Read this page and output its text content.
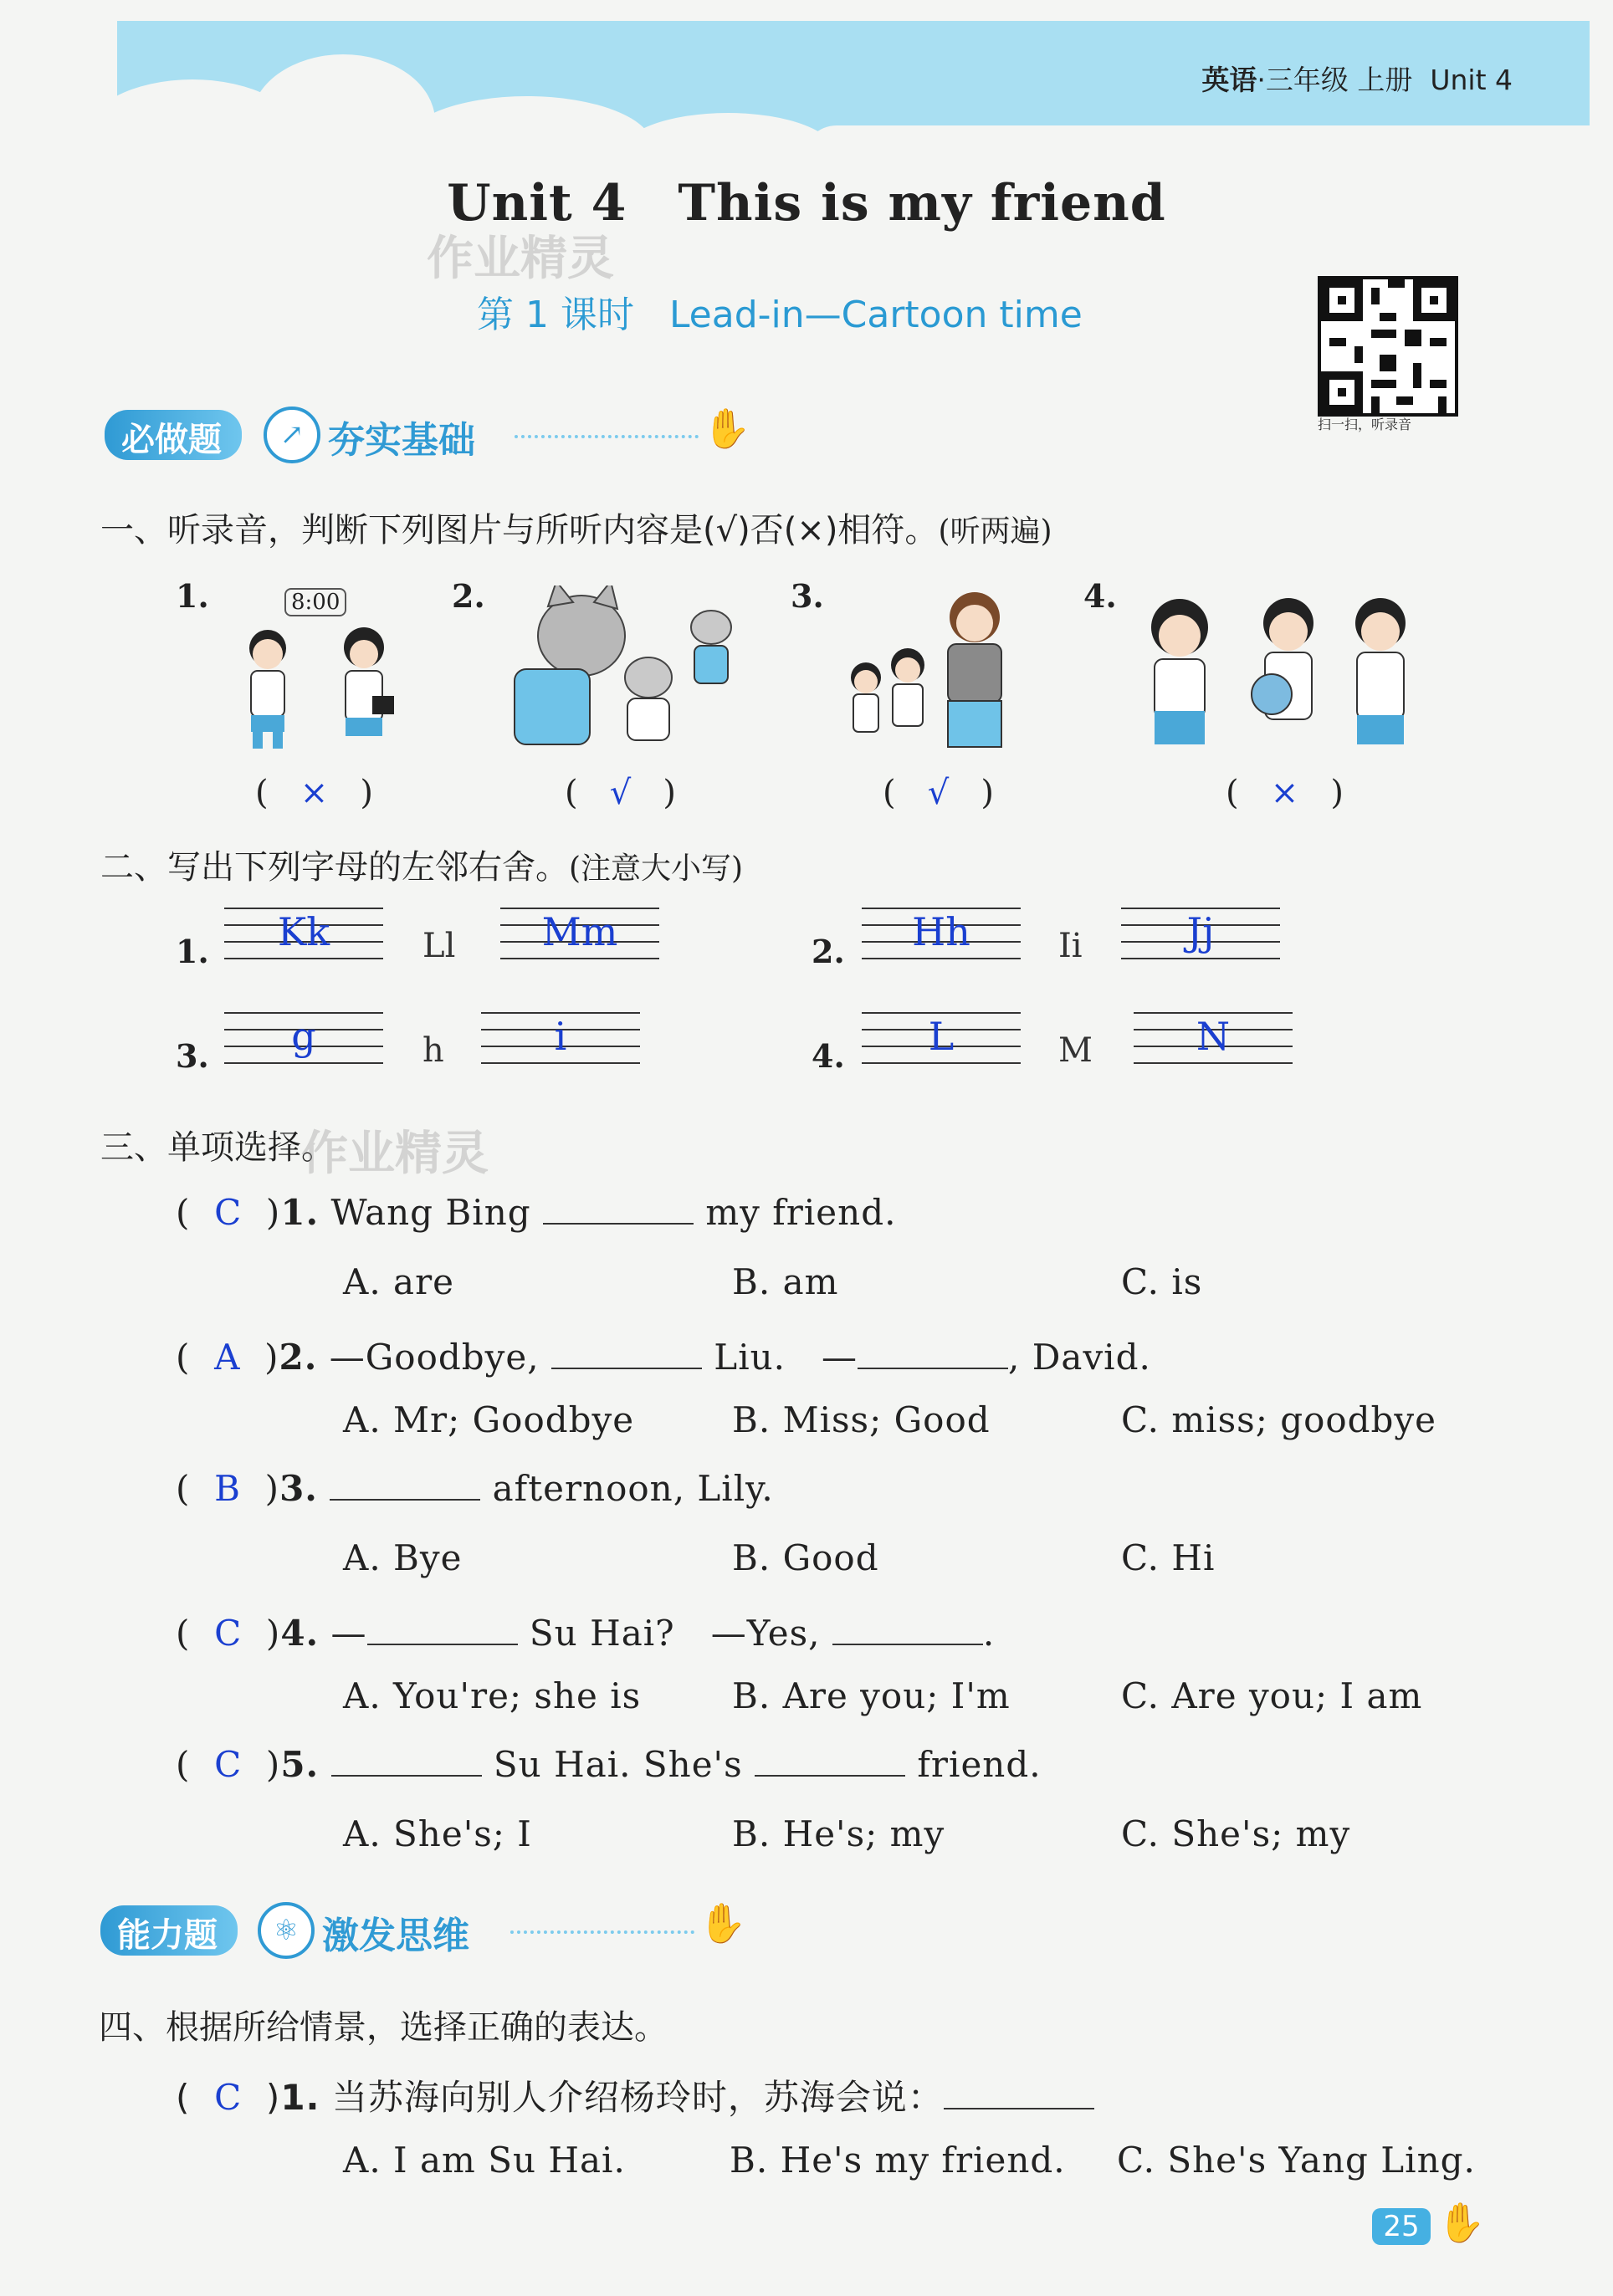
英语·三年级 上册 Unit 4
Unit 4　This is my friend
作业精灵
第 1 课时 Lead-in—Cartoon time
扫一扫，听录音
必做题	↗ 夯实基础	✋
一、听录音，判断下列图片与所听内容是(√)否(×)相符。(听两遍)
1.	8:00
(   ×   )
2.
(   √   )
3.
(   √   )
4.
(   ×   )
二、写出下列字母的左邻右舍。(注意大小写)
1.	Kk	Ll	Mm	2.	Hh	Ii	Jj
3.	g	h	i	4.	L	M	N
三、单项选择。
作业精灵
(  C  )1. Wang Bing	my friend.
A. are	B. am	C. is
(  A  )2. —Goodbye,	Liu.　—	, David.
A. Mr; Goodbye	B. Miss; Good	C. miss; goodbye
(  B  )3.	afternoon, Lily.
A. Bye	B. Good	C. Hi
(  C  )4. —	Su Hai?　—Yes,	.
A. You're; she is	B. Are you; I'm	C. Are you; I am
(  C  )5.	Su Hai. She's	friend.
A. She's; I	B. He's; my	C. She's; my
能力题	⚛ 激发思维	✋
四、根据所给情景，选择正确的表达。
(  C  )1. 当苏海向别人介绍杨玲时，苏海会说：
A. I am Su Hai.	B. He's my friend. C. She's Yang Ling.
25 ✋
